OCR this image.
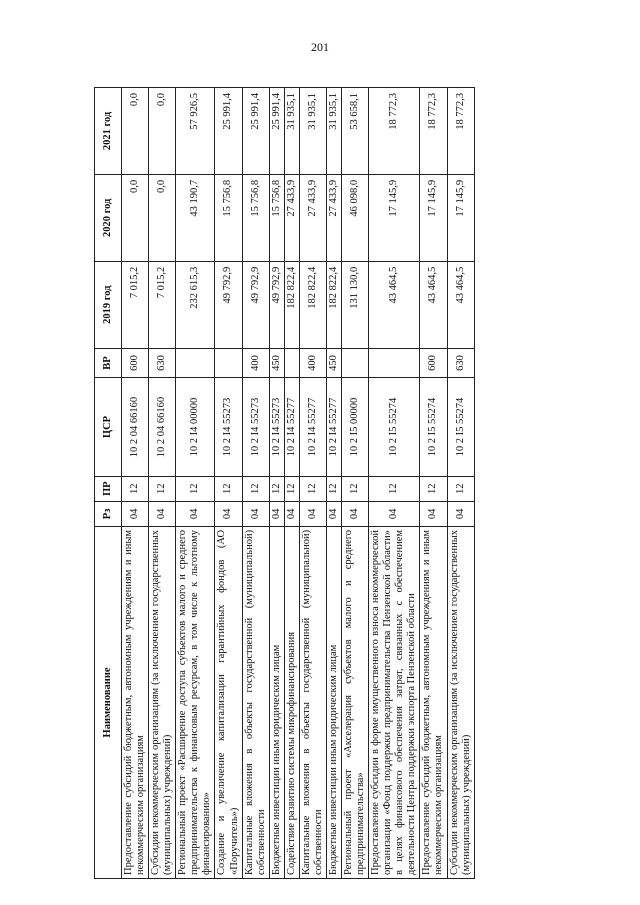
201
Наименование	Рз	ПР	ЦСР	ВР	2019 год	2020 год	2021 год
Предоставление субсидий бюджетным, автономным учреждениям и иным некоммерческим организациям	04	12	10 2 04 66160	600	7 015,2	0,0	0,0
Субсидии некоммерческим организациям (за исключением государственных (муниципальных) учреждений)	04	12	10 2 04 66160	630	7 015,2	0,0	0,0
Региональный проект «Расширение доступа субъектов малого и среднего предпринимательства к финансовым ресурсам, в том числе к льготному финансированию»	04	12	10 2 I4 00000		232 615,3	43 190,7	57 926,5
Создание и увеличение капитализации гарантийных фондов (АО «Поручитель»)	04	12	10 2 I4 55273		49 792,9	15 756,8	25 991,4
Капитальные вложения в объекты государственной (муниципальной) собственности	04	12	10 2 I4 55273	400	49 792,9	15 756,8	25 991,4
Бюджетные инвестиции иным юридическим лицам	04	12	10 2 I4 55273	450	49 792,9	15 756,8	25 991,4
Содействие развитию системы микрофинансирования	04	12	10 2 I4 55277		182 822,4	27 433,9	31 935,1
Капитальные вложения в объекты государственной (муниципальной) собственности	04	12	10 2 I4 55277	400	182 822,4	27 433,9	31 935,1
Бюджетные инвестиции иным юридическим лицам	04	12	10 2 I4 55277	450	182 822,4	27 433,9	31 935,1
Региональный проект «Акселерация субъектов малого и среднего предпринимательства»	04	12	10 2 I5 00000		131 130,0	46 098,0	53 658,1
Предоставление субсидии в форме имущественного взноса некоммерческой организации «Фонд поддержки предпринимательства Пензенской области» в целях финансового обеспечения затрат, связанных с обеспечением деятельности Центра поддержки экспорта Пензенской области	04	12	10 2 I5 55274		43 464,5	17 145,9	18 772,3
Предоставление субсидий бюджетным, автономным учреждениям и иным некоммерческим организациям	04	12	10 2 I5 55274	600	43 464,5	17 145,9	18 772,3
Субсидии некоммерческим организациям (за исключением государственных (муниципальных) учреждений)	04	12	10 2 I5 55274	630	43 464,5	17 145,9	18 772,3
